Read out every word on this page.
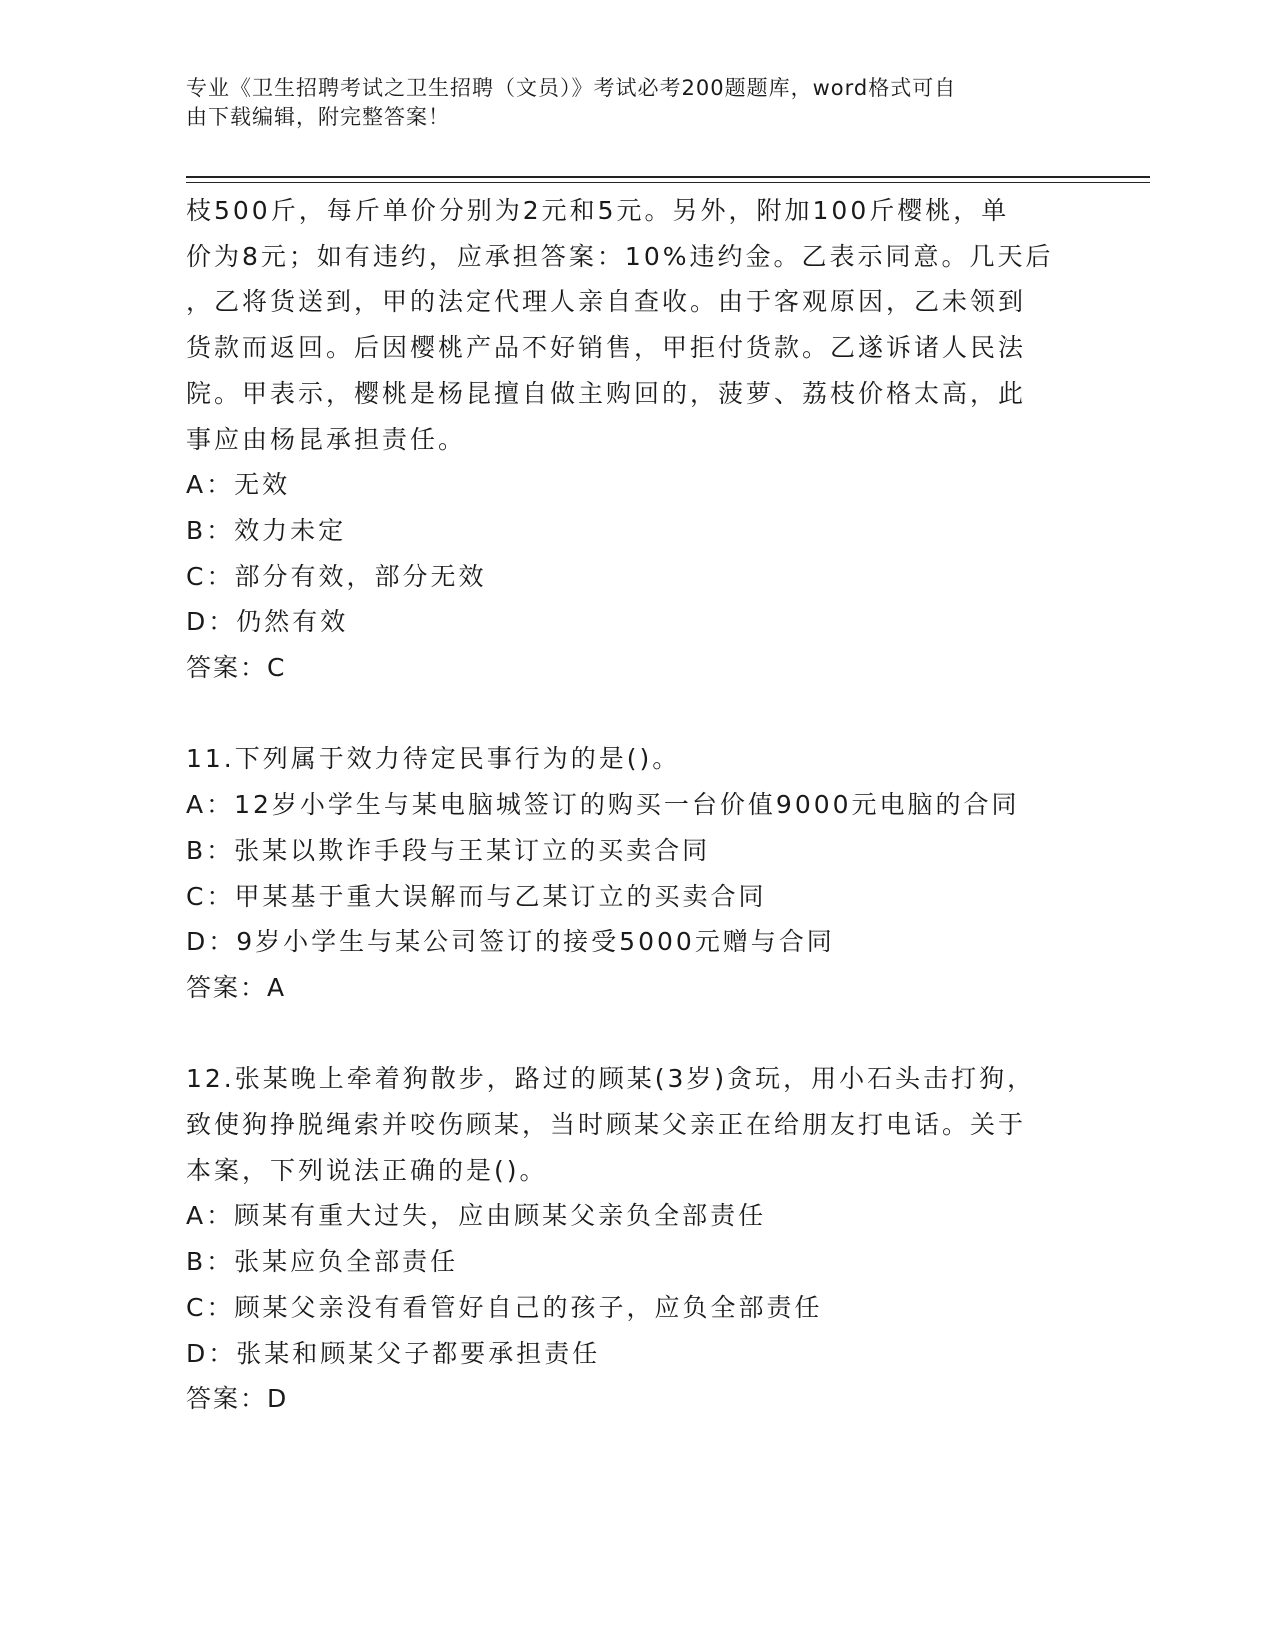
专业《卫生招聘考试之卫生招聘（文员）》考试必考200题题库，word格式可自
由下载编辑，附完整答案！

枝500斤，每斤单价分别为2元和5元。另外，附加100斤樱桃，单

价为8元；如有违约，应承担答案：10%违约金。乙表示同意。几天后

，乙将货送到，甲的法定代理人亲自查收。由于客观原因，乙未领到

货款而返回。后因樱桃产品不好销售，甲拒付货款。乙遂诉诸人民法

院。甲表示，樱桃是杨昆擅自做主购回的，菠萝、荔枝价格太高，此

事应由杨昆承担责任。

A：无效

B：效力未定

C：部分有效，部分无效

D：仍然有效

答案：C

11.下列属于效力待定民事行为的是()。

A：12岁小学生与某电脑城签订的购买一台价值9000元电脑的合同

B：张某以欺诈手段与王某订立的买卖合同

C：甲某基于重大误解而与乙某订立的买卖合同

D：9岁小学生与某公司签订的接受5000元赠与合同

答案：A

12.张某晚上牵着狗散步，路过的顾某(3岁)贪玩，用小石头击打狗，

致使狗挣脱绳索并咬伤顾某，当时顾某父亲正在给朋友打电话。关于

本案，下列说法正确的是()。

A：顾某有重大过失，应由顾某父亲负全部责任

B：张某应负全部责任

C：顾某父亲没有看管好自己的孩子，应负全部责任

D：张某和顾某父子都要承担责任

答案：D
